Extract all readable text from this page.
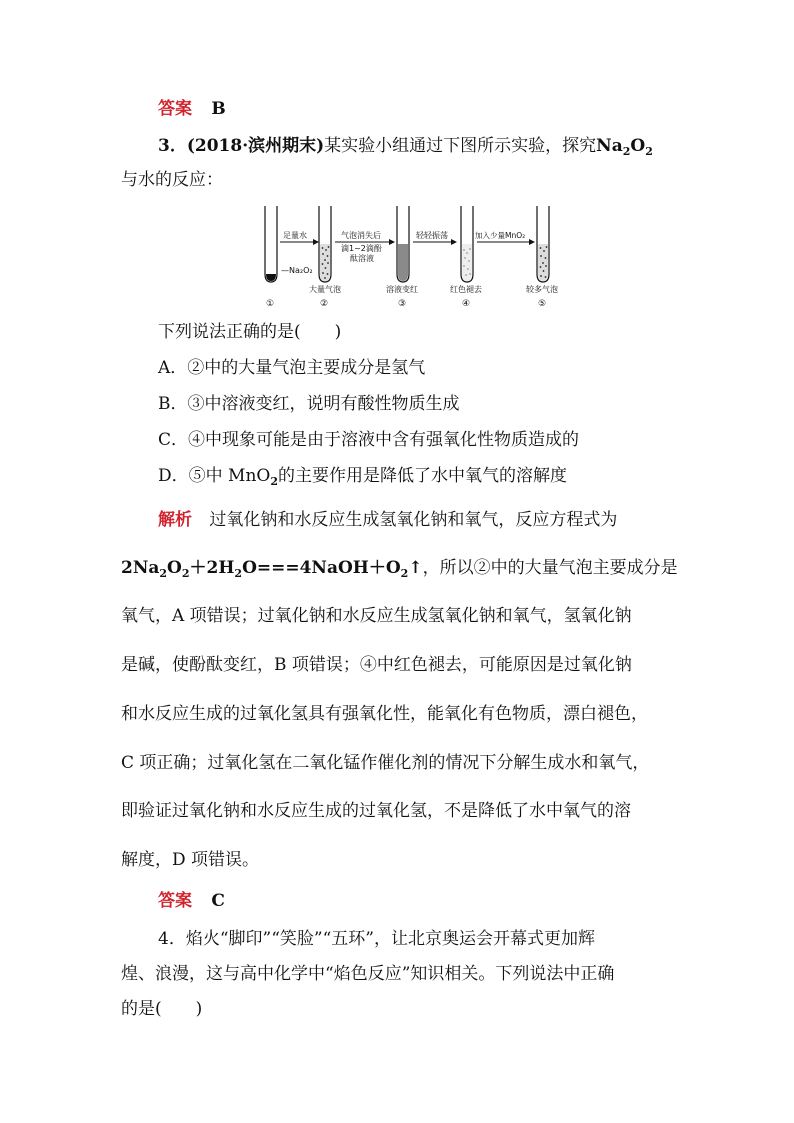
答案 B
3．(2018·滨州期末)某实验小组通过下图所示实验，探究$Na_2O_2$
与水的反应：
—Na₂O₂
足量水	气泡消失后
滴1~2滴酚
酞溶液
轻轻振荡	加入少量MnO₂
大量气泡	溶液变红	红色褪去	较多气泡
①	②	③	④	⑤
下列说法正确的是(　　)
A．②中的大量气泡主要成分是氢气
B．③中溶液变红，说明有酸性物质生成
C．④中现象可能是由于溶液中含有强氧化性物质造成的
D．⑤中 MnO$_2$的主要作用是降低了水中氧气的溶解度
解析 过氧化钠和水反应生成氢氧化钠和氧气，反应方程式为
$2Na_2O_2+2H_2O===4NaOH+O_2↑$，所以②中的大量气泡主要成分是
氧气，A 项错误；过氧化钠和水反应生成氢氧化钠和氧气，氢氧化钠
是碱，使酚酞变红，B 项错误；④中红色褪去，可能原因是过氧化钠
和水反应生成的过氧化氢具有强氧化性，能氧化有色物质，漂白褪色，
C 项正确；过氧化氢在二氧化锰作催化剂的情况下分解生成水和氧气，
即验证过氧化钠和水反应生成的过氧化氢，不是降低了水中氧气的溶
解度，D 项错误。
答案 C
4．焰火“脚印”“笑脸”“五环”，让北京奥运会开幕式更加辉
煌、浪漫，这与高中化学中“焰色反应”知识相关。下列说法中正确
的是(　　)
